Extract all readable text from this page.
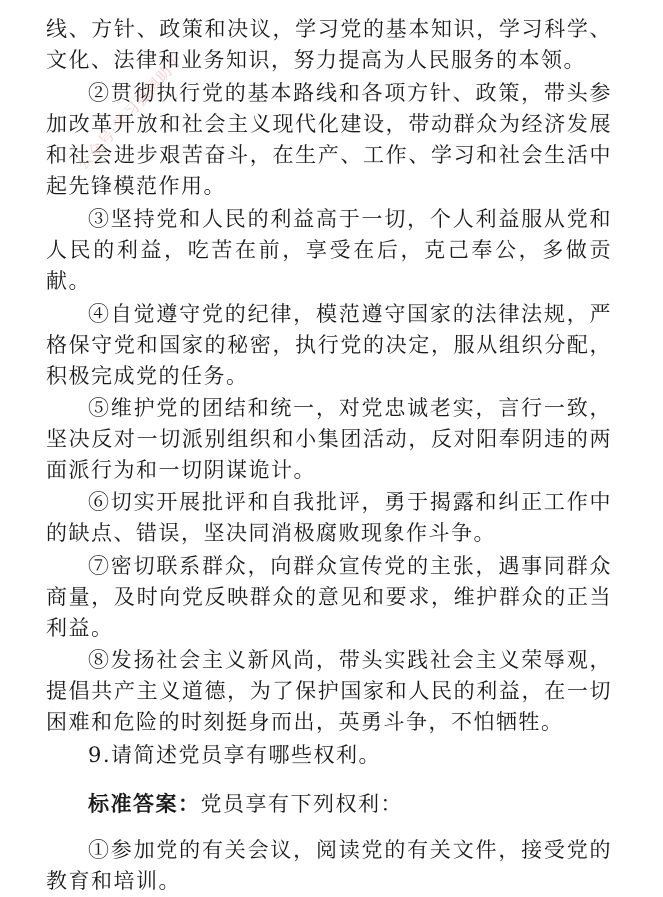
线、方针、政策和决议，学习党的基本知识，学习科学、文化、法律和业务知识，努力提高为人民服务的本领。

②贯彻执行党的基本路线和各项方针、政策，带头参加改革开放和社会主义现代化建设，带动群众为经济发展和社会进步艰苦奋斗，在生产、工作、学习和社会生活中起先锋模范作用。

③坚持党和人民的利益高于一切，个人利益服从党和人民的利益，吃苦在前，享受在后，克己奉公，多做贡献。

④自觉遵守党的纪律，模范遵守国家的法律法规，严格保守党和国家的秘密，执行党的决定，服从组织分配，积极完成党的任务。

⑤维护党的团结和统一，对党忠诚老实，言行一致，坚决反对一切派别组织和小集团活动，反对阳奉阴违的两面派行为和一切阴谋诡计。

⑥切实开展批评和自我批评，勇于揭露和纠正工作中的缺点、错误，坚决同消极腐败现象作斗争。

⑦密切联系群众，向群众宣传党的主张，遇事同群众商量，及时向党反映群众的意见和要求，维护群众的正当利益。

⑧发扬社会主义新风尚，带头实践社会主义荣辱观，提倡共产主义道德，为了保护国家和人民的利益，在一切困难和危险的时刻挺身而出，英勇斗争，不怕牺牲。

9.请简述党员享有哪些权利。

标准答案：党员享有下列权利：

①参加党的有关会议，阅读党的有关文件，接受党的教育和培训。

公众号·学习强国助手
